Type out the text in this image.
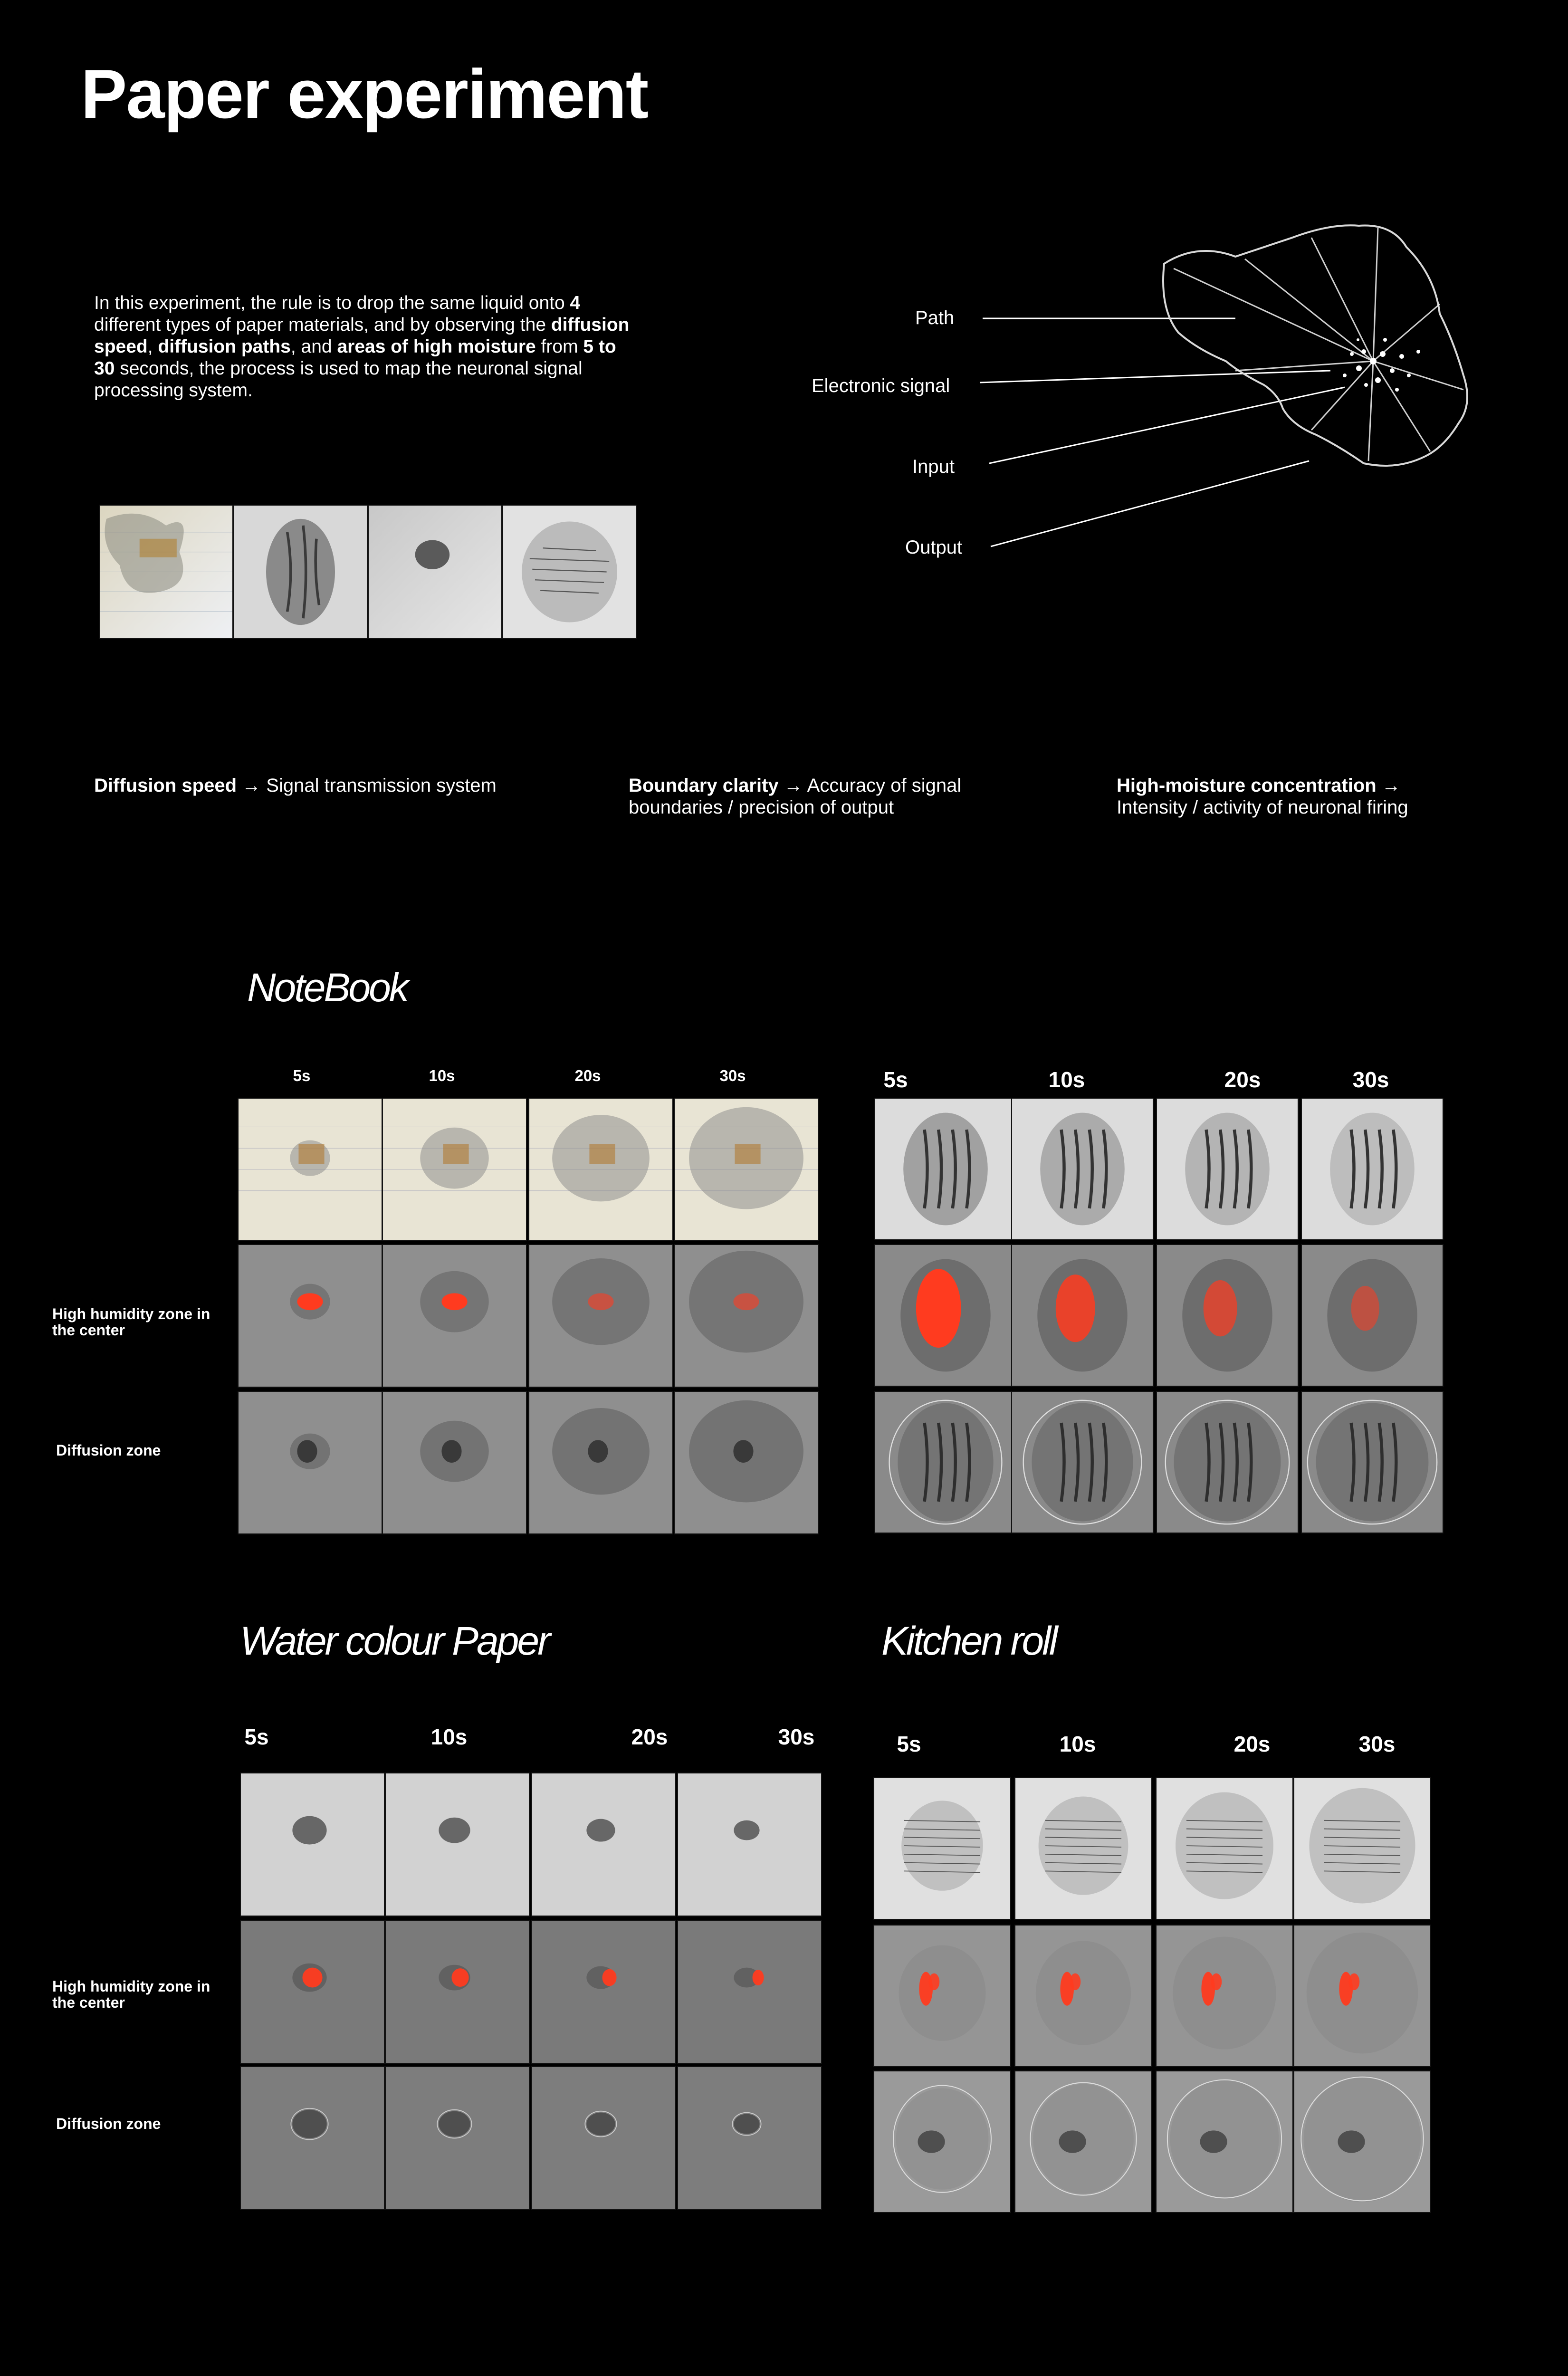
Paper experiment
In this experiment, the rule is to drop the same liquid onto 4 different types of paper materials, and by observing the diffusion speed, diffusion paths, and areas of high moisture from 5 to 30 seconds, the process is used to map the neuronal signal processing system.
Path
Electronic signal
Input
Output
Diffusion speed → Signal transmission system	Boundary clarity → Accuracy of signal boundaries / precision of output
High-moisture concentration → Intensity / activity of neuronal firing
NoteBook
Water colour Paper	Kitchen roll
High humidity zone in the center
Diffusion zone
High humidity zone in the center
Diffusion zone
5s	10s	20s	30s	5s	10s	20s	30s
5s	10s	20s	30s	5s	10s	20s	30s
